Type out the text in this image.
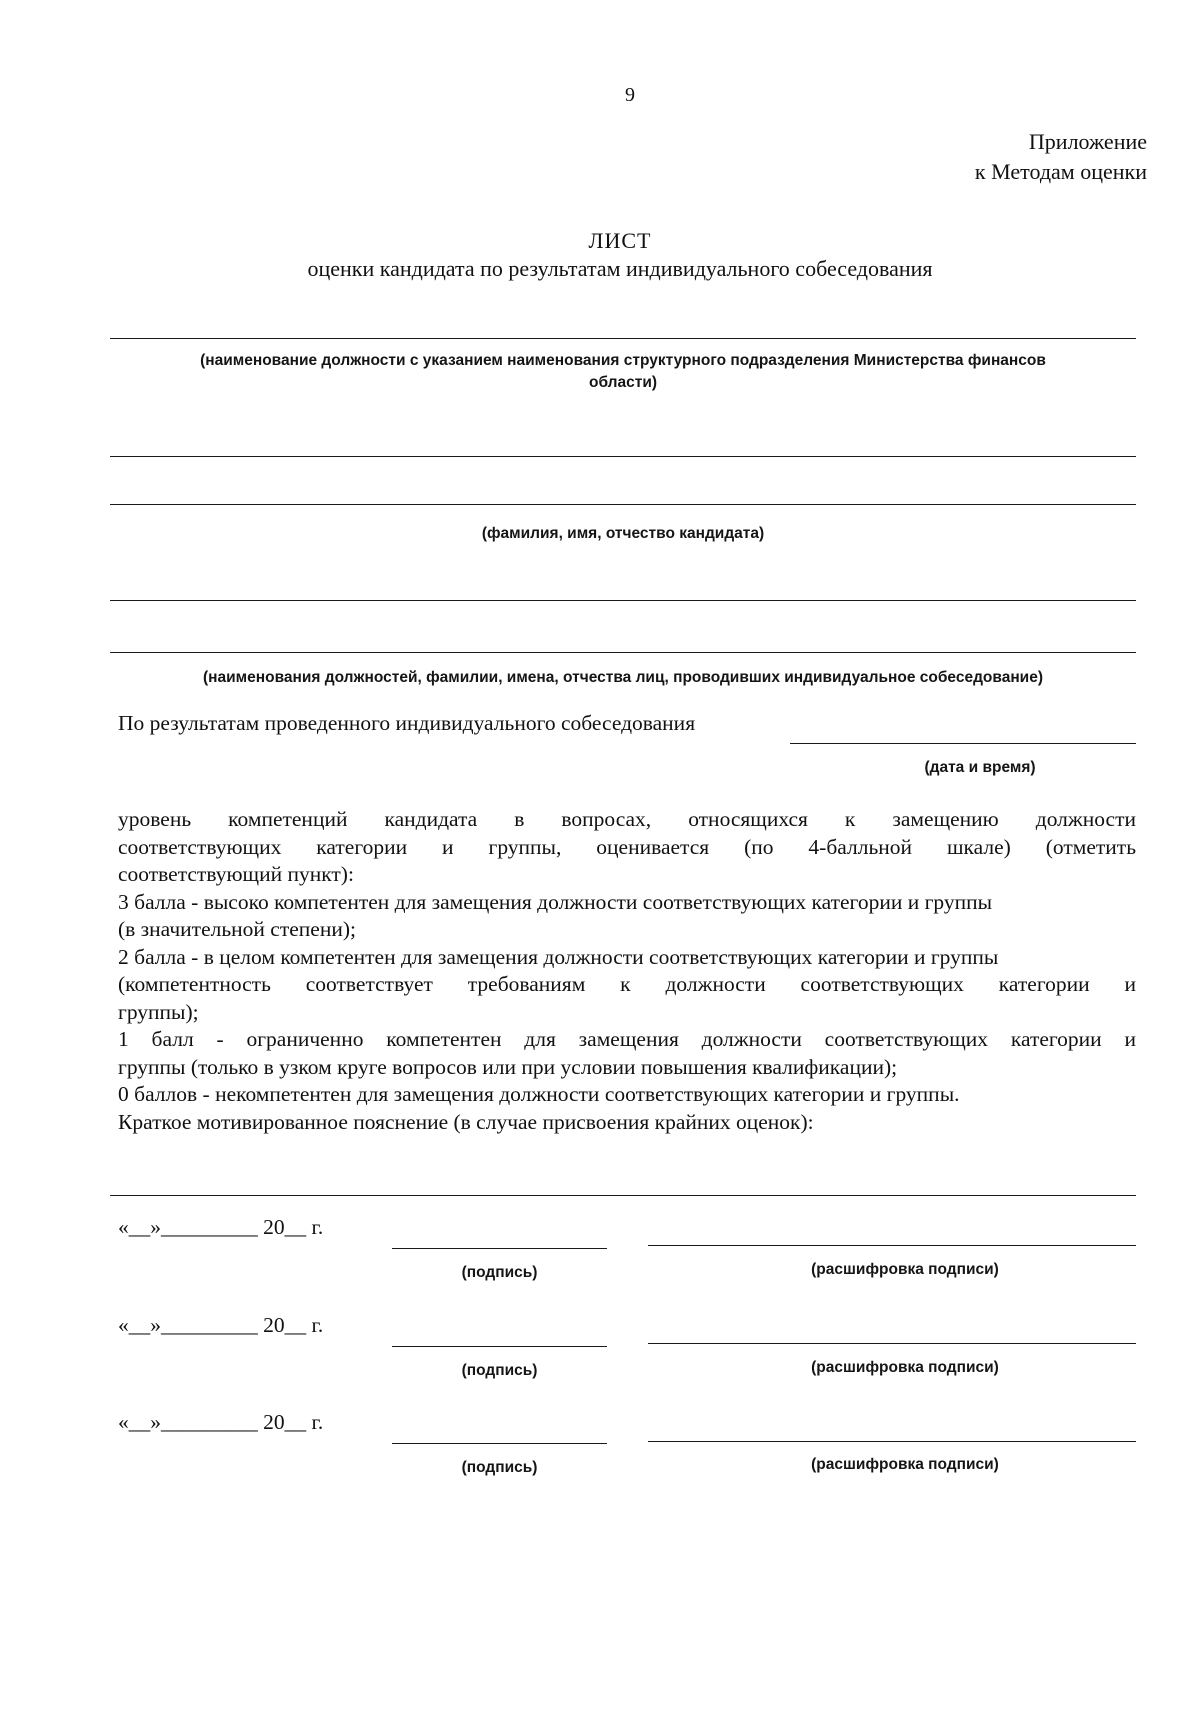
9
Приложение
к Методам оценки
ЛИСТ
оценки кандидата по результатам индивидуального собеседования
(наименование должности с указанием наименования структурного подразделения Министерства финансов
области)
(фамилия, имя, отчество кандидата)
(наименования должностей, фамилии, имена, отчества лиц, проводивших индивидуальное собеседование)
По результатам проведенного индивидуального собеседования
(дата и время)
уровень компетенций кандидата в вопросах, относящихся к замещению должности
соответствующих категории и группы, оценивается (по 4-балльной шкале) (отметить
соответствующий пункт):
3 балла - высоко компетентен для замещения должности соответствующих категории и группы
(в значительной степени);
2 балла - в целом компетентен для замещения должности соответствующих категории и группы
(компетентность соответствует требованиям к должности соответствующих категории и
группы);
1 балл - ограниченно компетентен для замещения должности соответствующих категории и
группы (только в узком круге вопросов или при условии повышения квалификации);
0 баллов - некомпетентен для замещения должности соответствующих категории и группы.
Краткое мотивированное пояснение (в случае присвоения крайних оценок):
«__»_________ 20__ г.
(подпись)	(расшифровка подписи)
«__»_________ 20__ г.
(подпись)	(расшифровка подписи)
«__»_________ 20__ г.
(подпись)	(расшифровка подписи)
